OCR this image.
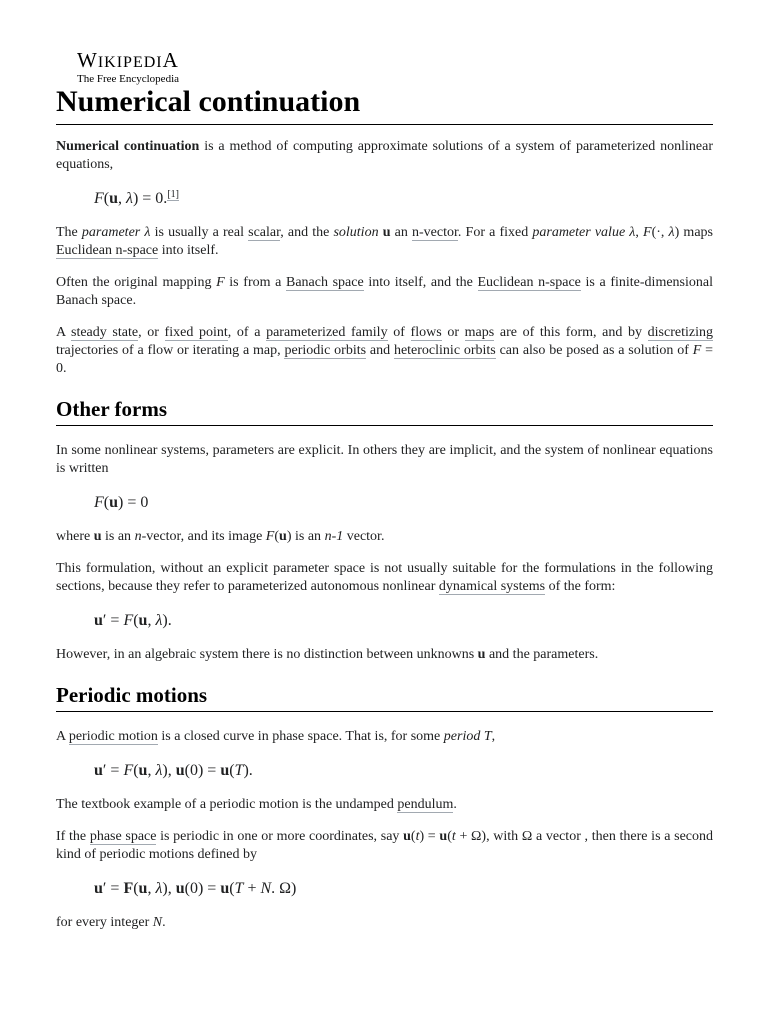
WIKIPEDIA
The Free Encyclopedia
Numerical continuation

Numerical continuation is a method of computing approximate solutions of a system of parameterized nonlinear equations,

F(u, λ) = 0.[1]

The parameter λ is usually a real scalar, and the solution u an n-vector. For a fixed parameter value λ, F(·, λ) maps Euclidean n-space into itself.

Often the original mapping F is from a Banach space into itself, and the Euclidean n-space is a finite-dimensional Banach space.

A steady state, or fixed point, of a parameterized family of flows or maps are of this form, and by discretizing trajectories of a flow or iterating a map, periodic orbits and heteroclinic orbits can also be posed as a solution of F = 0.

Other forms

In some nonlinear systems, parameters are explicit. In others they are implicit, and the system of nonlinear equations is written

F(u) = 0

where u is an n-vector, and its image F(u) is an n-1 vector.

This formulation, without an explicit parameter space is not usually suitable for the formulations in the following sections, because they refer to parameterized autonomous nonlinear dynamical systems of the form:

u′ = F(u, λ).

However, in an algebraic system there is no distinction between unknowns u and the parameters.

Periodic motions

A periodic motion is a closed curve in phase space. That is, for some period T,

u′ = F(u, λ), u(0) = u(T).

The textbook example of a periodic motion is the undamped pendulum.

If the phase space is periodic in one or more coordinates, say u(t) = u(t + Ω), with Ω a vector , then there is a second kind of periodic motions defined by

u′ = F(u, λ), u(0) = u(T + N. Ω)

for every integer N.
